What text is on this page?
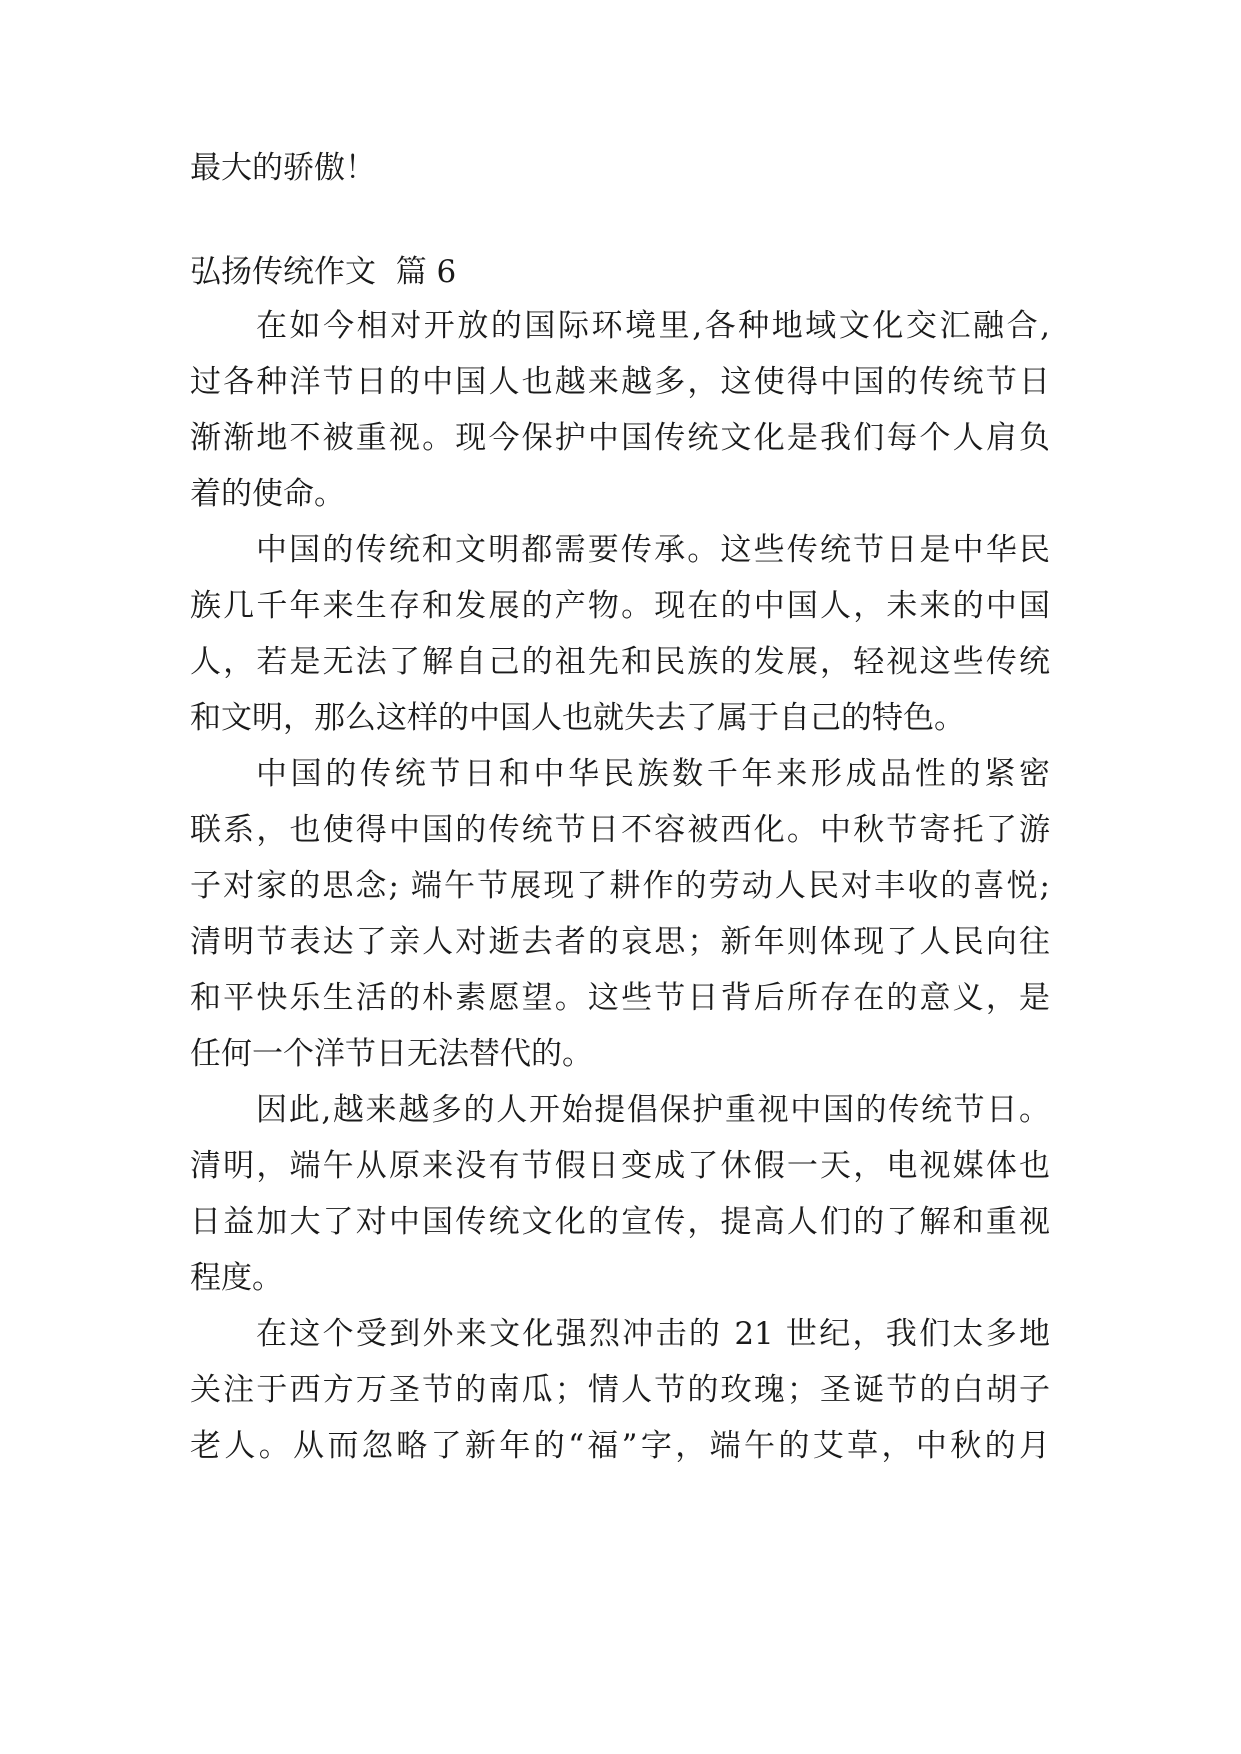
最大的骄傲！
弘扬传统作文  篇 6
在如今相对开放的国际环境里,各种地域文化交汇融合,
过各种洋节日的中国人也越来越多，这使得中国的传统节日
渐渐地不被重视。现今保护中国传统文化是我们每个人肩负
着的使命。
中国的传统和文明都需要传承。这些传统节日是中华民
族几千年来生存和发展的产物。现在的中国人，未来的中国
人，若是无法了解自己的祖先和民族的发展，轻视这些传统
和文明，那么这样的中国人也就失去了属于自己的特色。
中国的传统节日和中华民族数千年来形成品性的紧密
联系，也使得中国的传统节日不容被西化。中秋节寄托了游
子对家的思念; 端午节展现了耕作的劳动人民对丰收的喜悦;
清明节表达了亲人对逝去者的哀思；新年则体现了人民向往
和平快乐生活的朴素愿望。这些节日背后所存在的意义，是
任何一个洋节日无法替代的。
因此,越来越多的人开始提倡保护重视中国的传统节日。
清明，端午从原来没有节假日变成了休假一天，电视媒体也
日益加大了对中国传统文化的宣传，提高人们的了解和重视
程度。
在这个受到外来文化强烈冲击的 21 世纪，我们太多地
关注于西方万圣节的南瓜；情人节的玫瑰；圣诞节的白胡子
老人。从而忽略了新年的“福”字，端午的艾草，中秋的月
